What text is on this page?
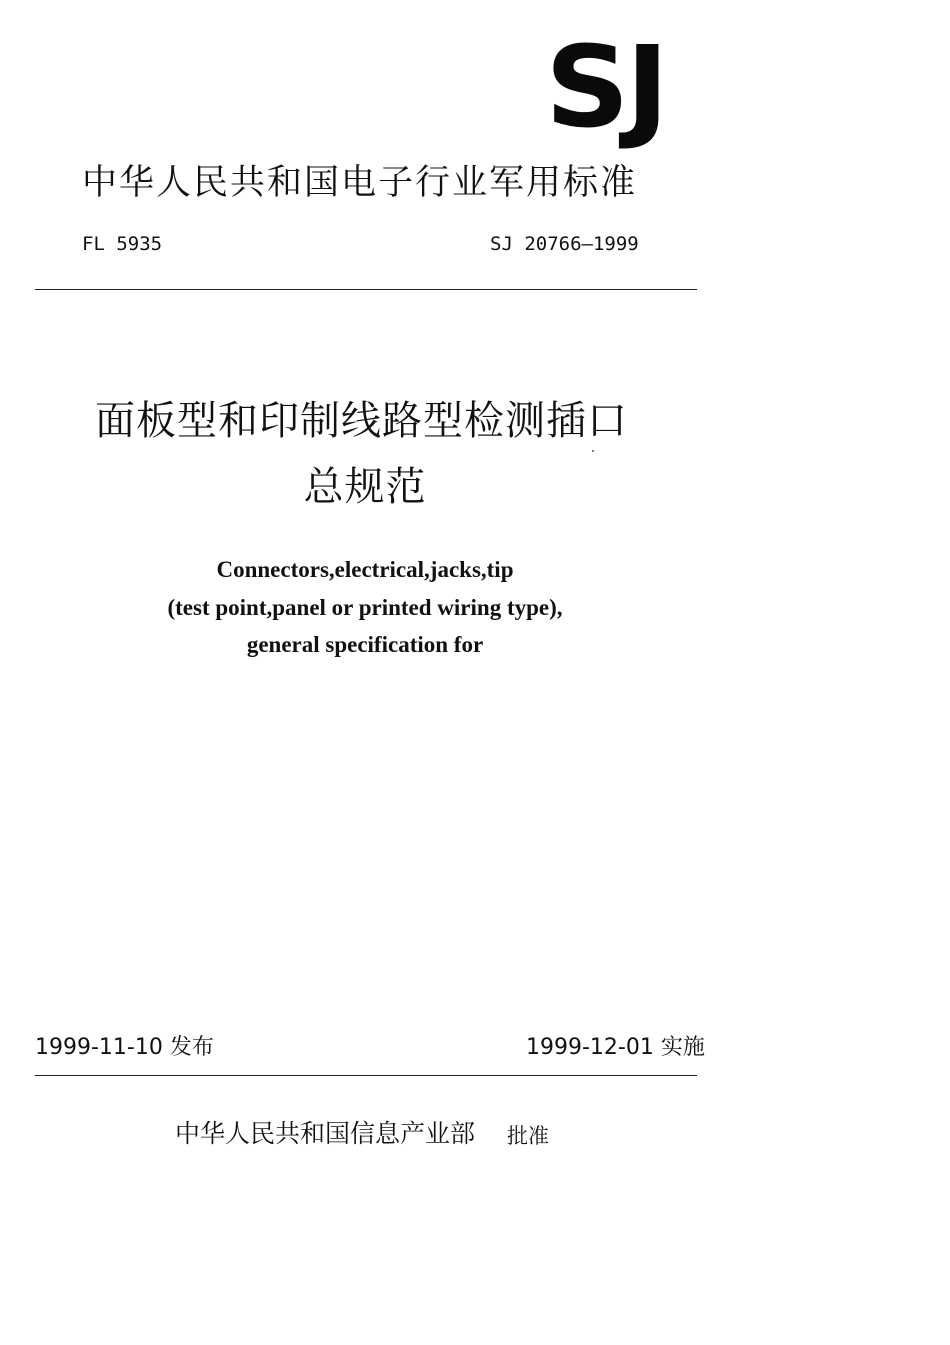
SJ
中华人民共和国电子行业军用标准
FL 5935	SJ 20766—1999
面板型和印制线路型检测插口
总规范
Connectors,electrical,jacks,tip
(test point,panel or printed wiring type),
general specification for
1999-11-10 发布	1999-12-01 实施
中华人民共和国信息产业部 批准
